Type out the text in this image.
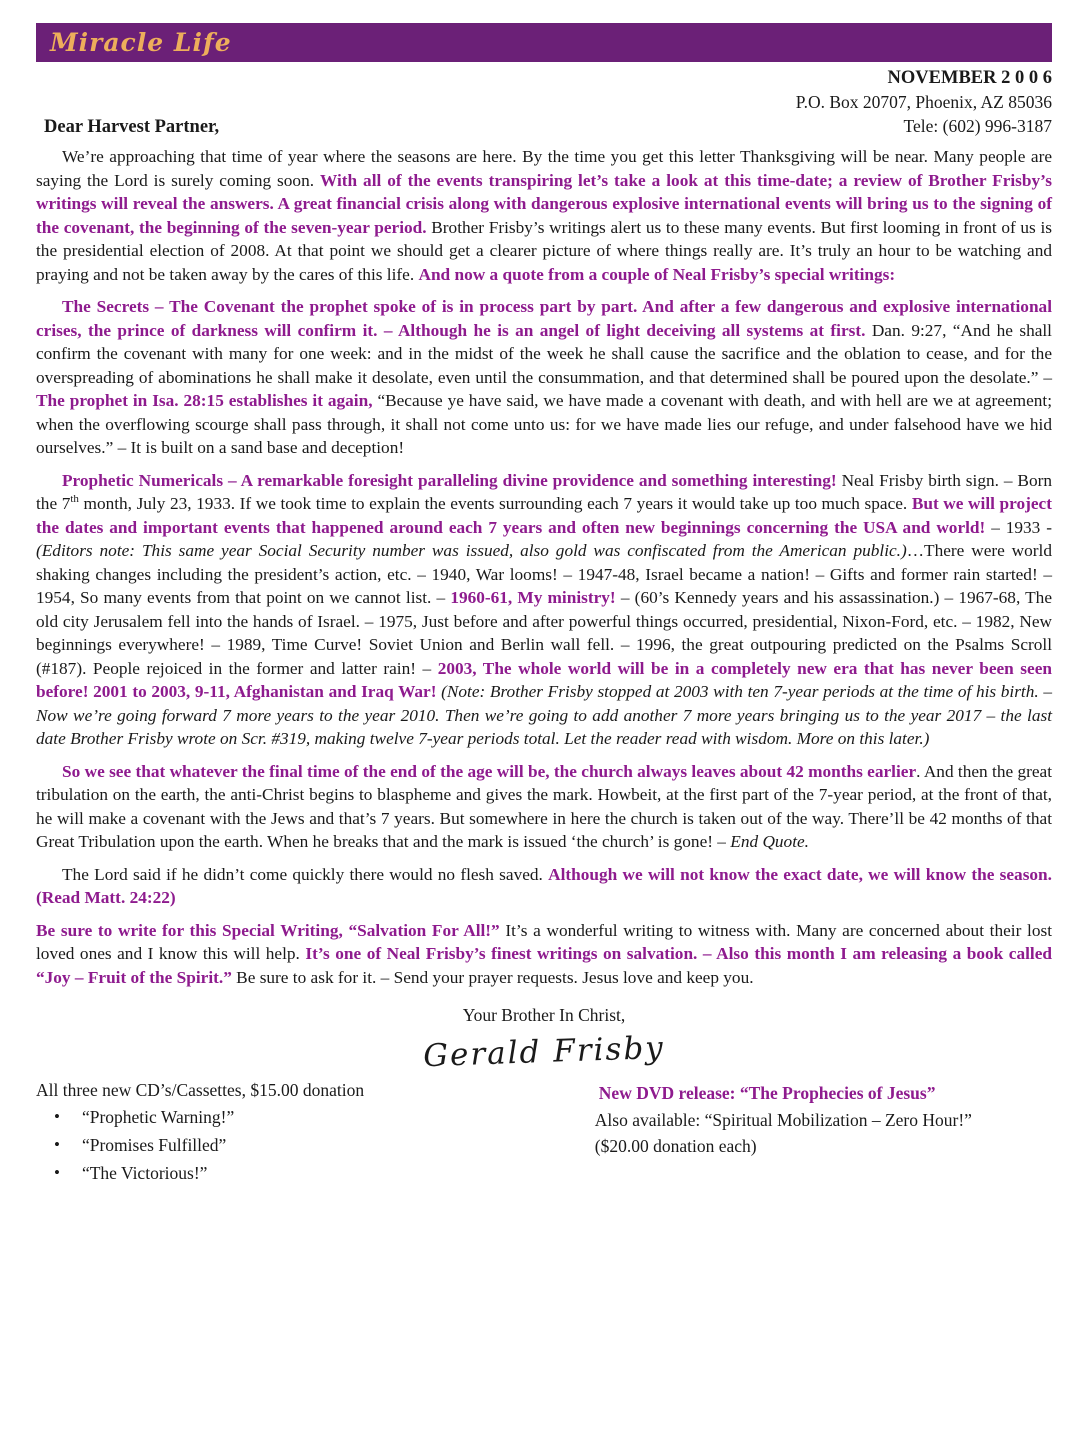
Miracle Life
Dear Harvest Partner,
NOVEMBER 2 0 0 6
P.O. Box 20707, Phoenix, AZ 85036
Tele: (602) 996-3187

We’re approaching that time of year where the seasons are here. By the time you get this letter Thanksgiving will be near. Many people are saying the Lord is surely coming soon. With all of the events transpiring let’s take a look at this time-date; a review of Brother Frisby’s writings will reveal the answers. A great financial crisis along with dangerous explosive international events will bring us to the signing of the covenant, the beginning of the seven-year period. Brother Frisby’s writings alert us to these many events. But first looming in front of us is the presidential election of 2008. At that point we should get a clearer picture of where things really are. It’s truly an hour to be watching and praying and not be taken away by the cares of this life. And now a quote from a couple of Neal Frisby’s special writings:

The Secrets – The Covenant the prophet spoke of is in process part by part. And after a few dangerous and explosive international crises, the prince of darkness will confirm it. – Although he is an angel of light deceiving all systems at first. Dan. 9:27, “And he shall confirm the covenant with many for one week: and in the midst of the week he shall cause the sacrifice and the oblation to cease, and for the overspreading of abominations he shall make it desolate, even until the consummation, and that determined shall be poured upon the desolate.” – The prophet in Isa. 28:15 establishes it again, “Because ye have said, we have made a covenant with death, and with hell are we at agreement; when the overflowing scourge shall pass through, it shall not come unto us: for we have made lies our refuge, and under falsehood have we hid ourselves.” – It is built on a sand base and deception!

Prophetic Numericals – A remarkable foresight paralleling divine providence and something interesting! Neal Frisby birth sign. – Born the 7th month, July 23, 1933. If we took time to explain the events surrounding each 7 years it would take up too much space. But we will project the dates and important events that happened around each 7 years and often new beginnings concerning the USA and world! – 1933 - (Editors note: This same year Social Security number was issued, also gold was confiscated from the American public.)…There were world shaking changes including the president’s action, etc. – 1940, War looms! – 1947-48, Israel became a nation! – Gifts and former rain started! – 1954, So many events from that point on we cannot list. – 1960-61, My ministry! – (60’s Kennedy years and his assassination.) – 1967-68, The old city Jerusalem fell into the hands of Israel. – 1975, Just before and after powerful things occurred, presidential, Nixon-Ford, etc. – 1982, New beginnings everywhere! – 1989, Time Curve! Soviet Union and Berlin wall fell. – 1996, the great outpouring predicted on the Psalms Scroll (#187). People rejoiced in the former and latter rain! – 2003, The whole world will be in a completely new era that has never been seen before! 2001 to 2003, 9-11, Afghanistan and Iraq War! (Note: Brother Frisby stopped at 2003 with ten 7-year periods at the time of his birth. – Now we’re going forward 7 more years to the year 2010. Then we’re going to add another 7 more years bringing us to the year 2017 – the last date Brother Frisby wrote on Scr. #319, making twelve 7-year periods total. Let the reader read with wisdom. More on this later.)

So we see that whatever the final time of the end of the age will be, the church always leaves about 42 months earlier. And then the great tribulation on the earth, the anti-Christ begins to blaspheme and gives the mark. Howbeit, at the first part of the 7-year period, at the front of that, he will make a covenant with the Jews and that’s 7 years. But somewhere in here the church is taken out of the way. There’ll be 42 months of that Great Tribulation upon the earth. When he breaks that and the mark is issued ‘the church’ is gone! – End Quote.

The Lord said if he didn’t come quickly there would no flesh saved. Although we will not know the exact date, we will know the season. (Read Matt. 24:22)

Be sure to write for this Special Writing, “Salvation For All!” It’s a wonderful writing to witness with. Many are concerned about their lost loved ones and I know this will help. It’s one of Neal Frisby’s finest writings on salvation. – Also this month I am releasing a book called “Joy – Fruit of the Spirit.” Be sure to ask for it. – Send your prayer requests. Jesus love and keep you.

Your Brother In Christ,
Gerald Frisby

All three new CD’s/Cassettes, $15.00 donation

• “Prophetic Warning!”
• “Promises Fulfilled”
• “The Victorious!”
New DVD release: “The Prophecies of Jesus”
Also available: “Spiritual Mobilization – Zero Hour!”
($20.00 donation each)
